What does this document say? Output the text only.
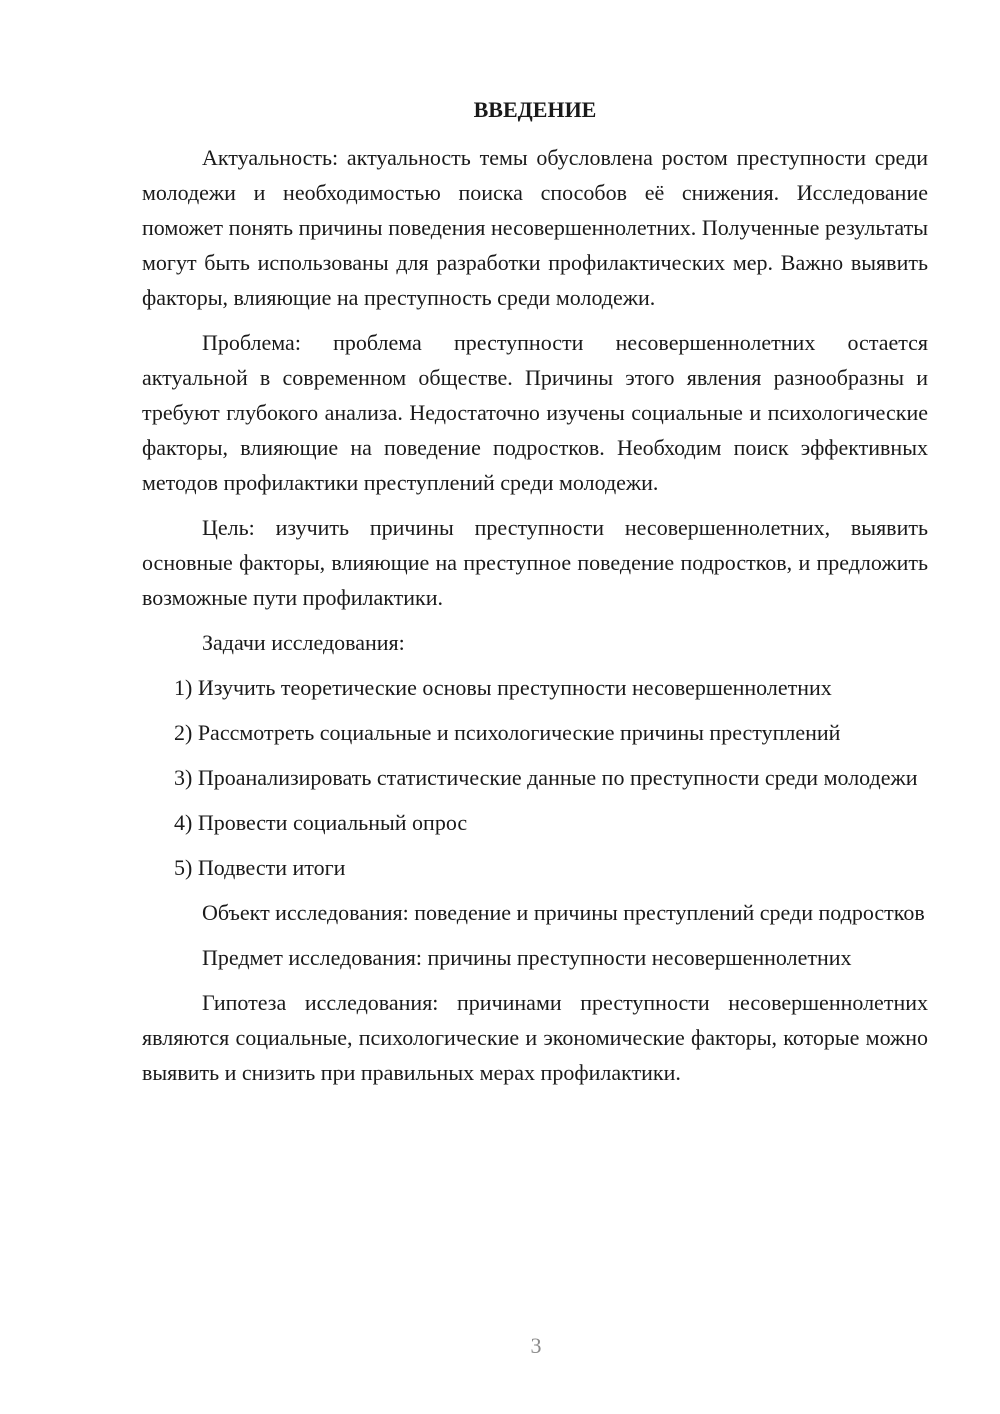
ВВЕДЕНИЕ

Актуальность: актуальность темы обусловлена ростом преступности среди молодежи и необходимостью поиска способов её снижения. Исследование поможет понять причины поведения несовершеннолетних. Полученные результаты могут быть использованы для разработки профилактических мер. Важно выявить факторы, влияющие на преступность среди молодежи.

Проблема: проблема преступности несовершеннолетних остается актуальной в современном обществе. Причины этого явления разнообразны и требуют глубокого анализа. Недостаточно изучены социальные и психологические факторы, влияющие на поведение подростков. Необходим поиск эффективных методов профилактики преступлений среди молодежи.

Цель: изучить причины преступности несовершеннолетних, выявить основные факторы, влияющие на преступное поведение подростков, и предложить возможные пути профилактики.

Задачи исследования:

1) Изучить теоретические основы преступности несовершеннолетних

2) Рассмотреть социальные и психологические причины преступлений

3) Проанализировать статистические данные по преступности среди молодежи

4) Провести социальный опрос

5) Подвести итоги

Объект исследования: поведение и причины преступлений среди подростков

Предмет исследования: причины преступности несовершеннолетних

Гипотеза исследования: причинами преступности несовершеннолетних являются социальные, психологические и экономические факторы, которые можно выявить и снизить при правильных мерах профилактики.

3
